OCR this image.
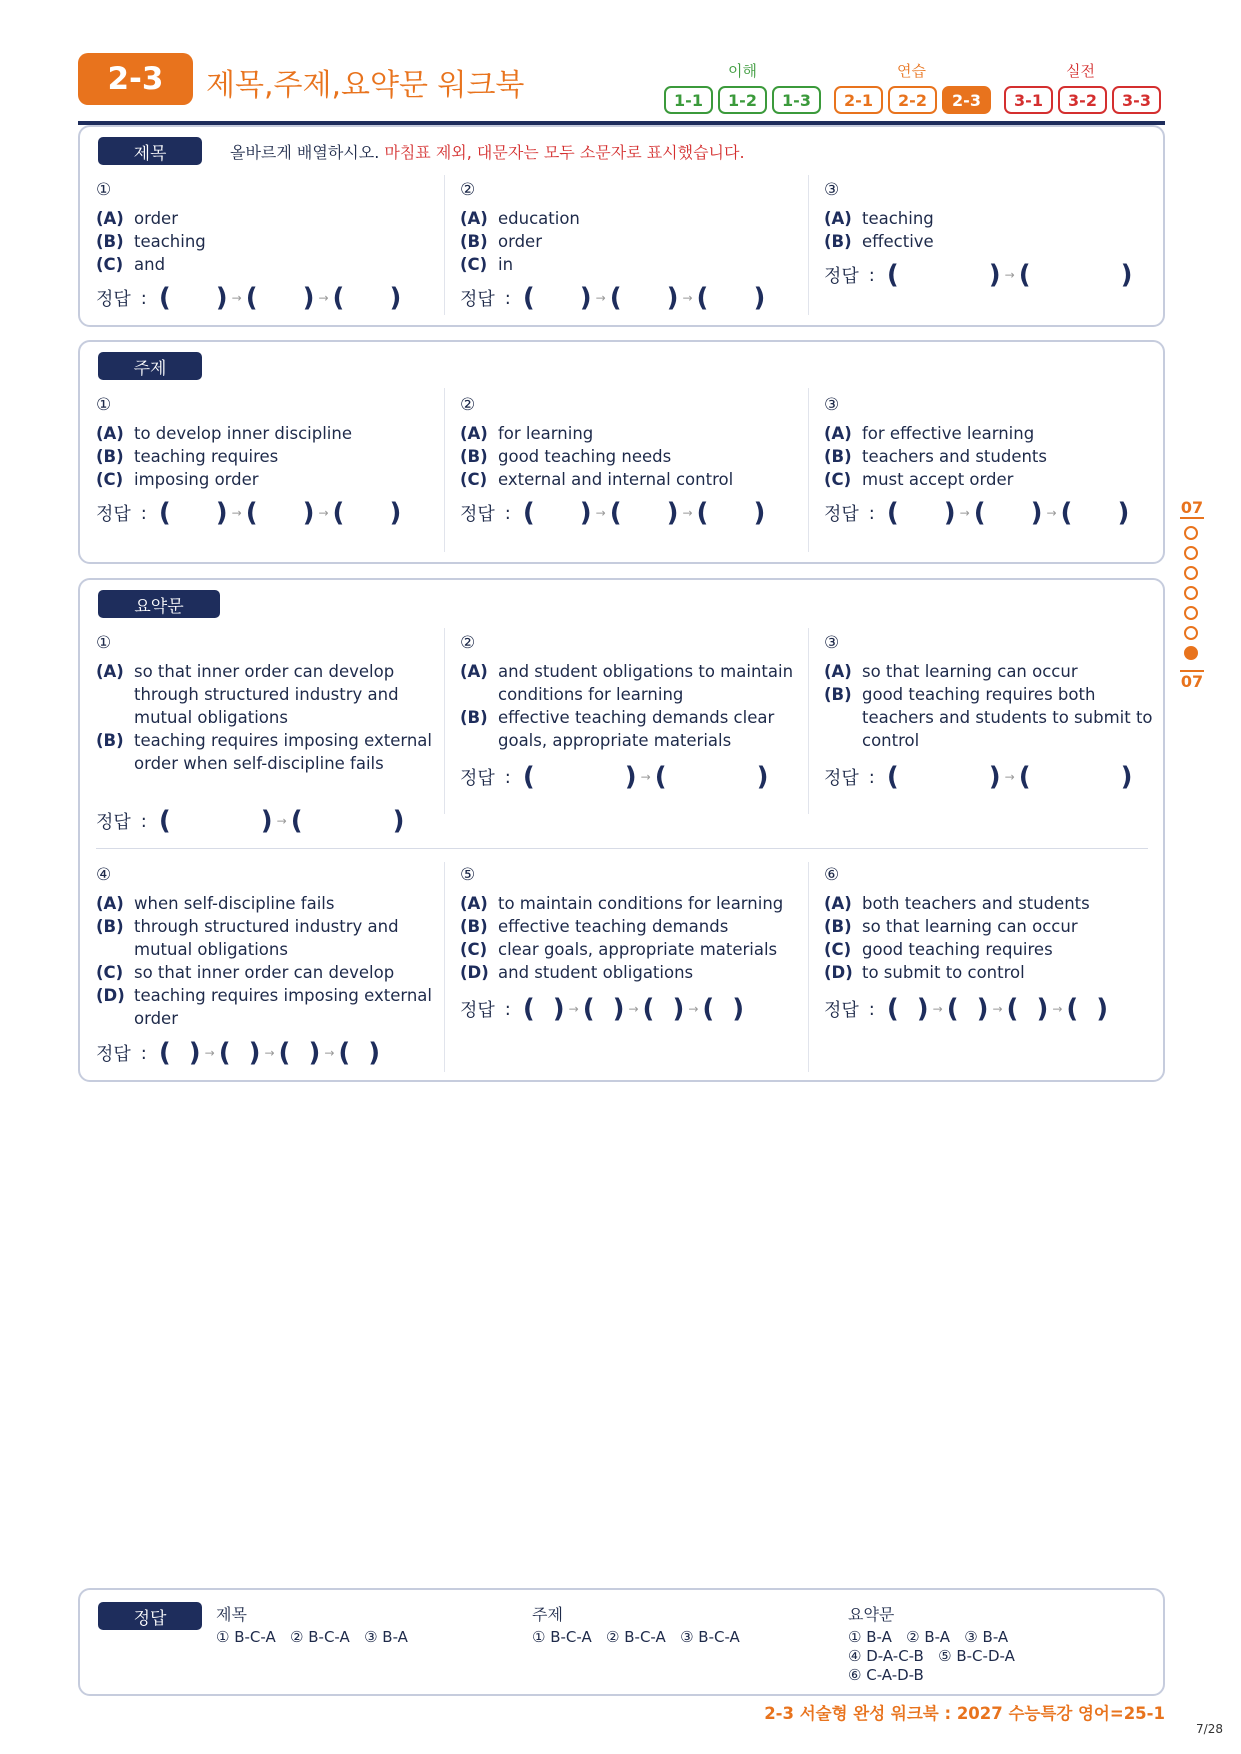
2-3	제목,주제,요약문 워크북	이해	연습	실전
1-1	1-2	1-3	2-1	2-2	2-3	3-1	3-2	3-3
제목	올바르게 배열하시오. 마침표 제외, 대문자는 모두 소문자로 표시했습니다.
①
(A) order
(B) teaching
(C) and
정답 : ( ) → ( ) → ( )
②
(A) education
(B) order
(C) in
정답 : ( ) → ( ) → ( )
③
(A) teaching
(B) effective
정답 : (	) → (	)
주제
①
(A) to develop inner discipline
(B) teaching requires
(C) imposing order
정답 : ( ) → ( ) → ( )
②
(A) for learning
(B) good teaching needs
(C) external and internal control
정답 : ( ) → ( ) → ( )
③
(A) for effective learning
(B) teachers and students
(C) must accept order
정답 : ( ) → ( ) → ( )
요약문
①
(A) so that inner order can develop through structured industry and mutual obligations
(B) teaching requires imposing external order when self-discipline fails
정답 : (	) → (	)
②
(A) and student obligations to maintain conditions for learning
(B) effective teaching demands clear goals, appropriate materials
정답 : (	) → (	)
③
(A) so that learning can occur
(B) good teaching requires both teachers and students to submit to control
정답 : (	) → (	)
④
(A) when self-discipline fails
(B) through structured industry and mutual obligations
(C) so that inner order can develop
(D) teaching requires imposing external order
정답 : ( ) → ( ) → ( ) → ( )
⑤
(A) to maintain conditions for learning
(B) effective teaching demands
(C) clear goals, appropriate materials
(D) and student obligations
정답 : ( ) → ( ) → ( ) → ( )
⑥
(A) both teachers and students
(B) so that learning can occur
(C) good teaching requires
(D) to submit to control
정답 : ( ) → ( ) → ( ) → ( )
07
07
정답	제목
① B-C-A   ② B-C-A   ③ B-A
주제
① B-C-A   ② B-C-A   ③ B-C-A
요약문
① B-A   ② B-A   ③ B-A
④ D-A-C-B   ⑤ B-C-D-A
⑥ C-A-D-B
2-3 서술형 완성 워크북 : 2027 수능특강 영어=25-1
7/28
